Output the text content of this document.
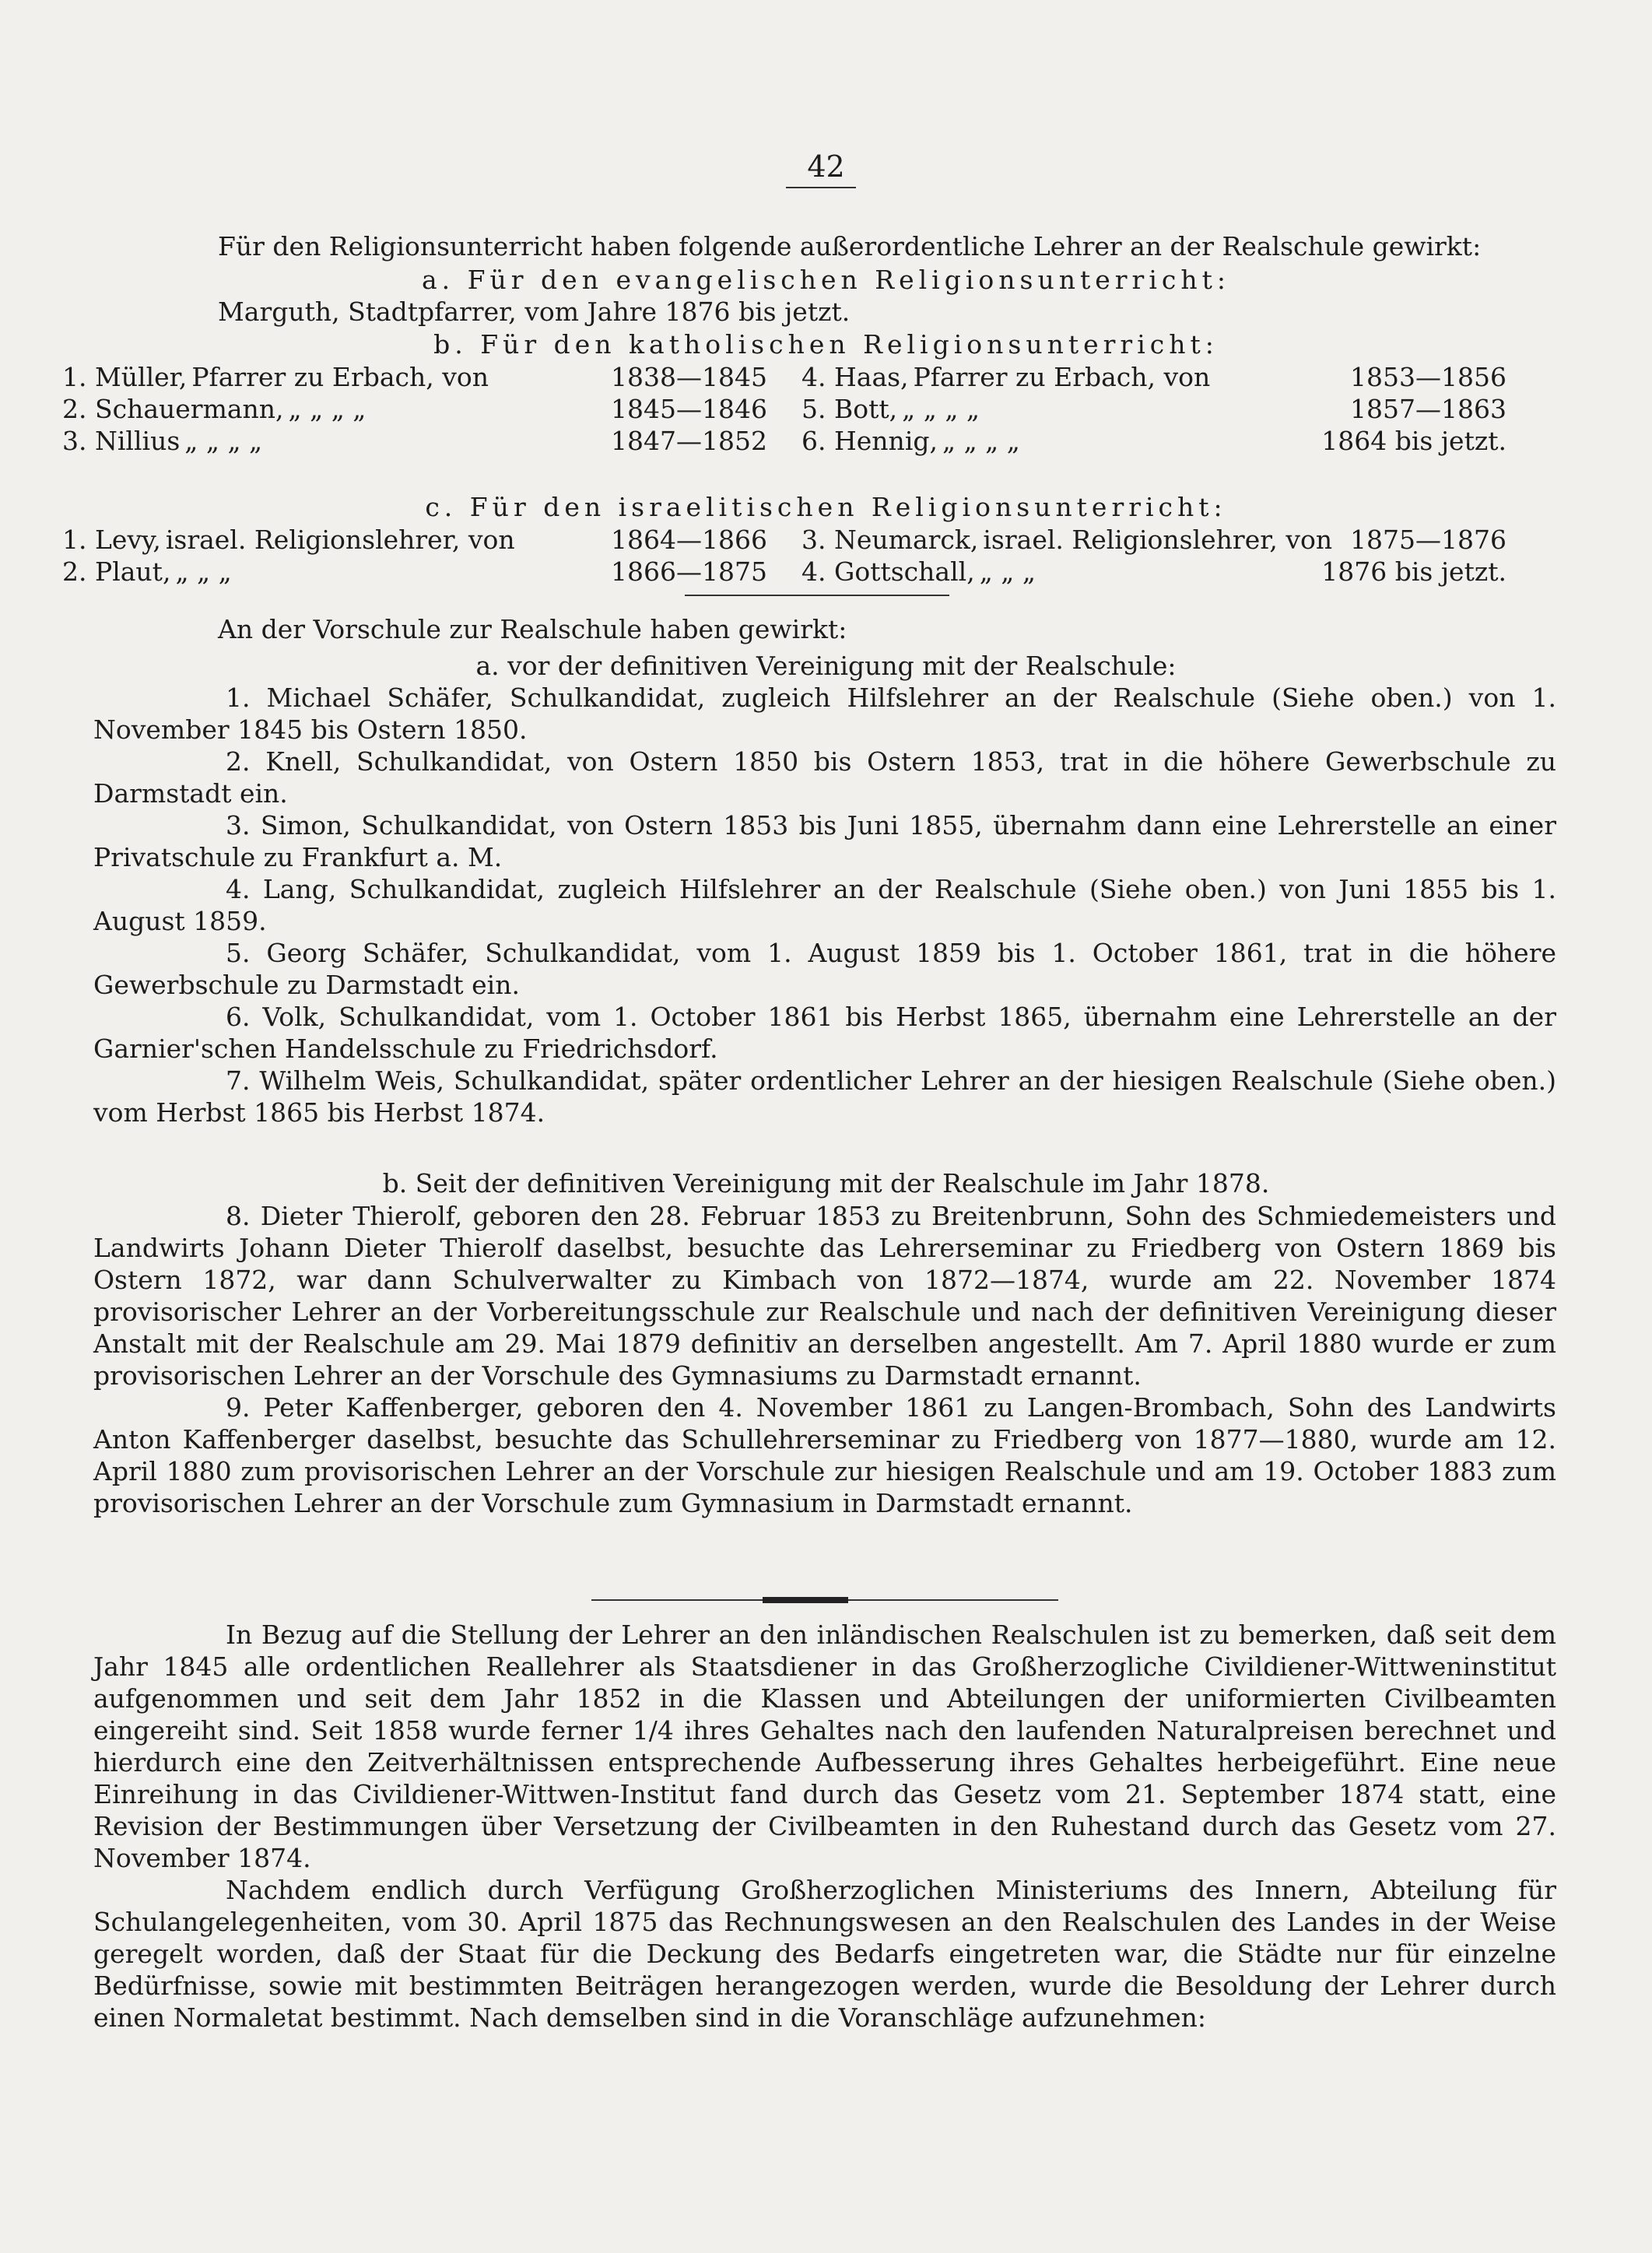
42
Für den Religionsunterricht haben folgende außerordentliche Lehrer an der Realschule gewirkt:
a. Für den evangelischen Religionsunterricht:
Marguth, Stadtpfarrer, vom Jahre 1876 bis jetzt.
b. Für den katholischen Religionsunterricht:
1. Müller, Pfarrer zu Erbach, von	1838—1845	4. Haas, Pfarrer zu Erbach, von	1853—1856
2. Schauermann, „ „ „ „	1845—1846	5. Bott, „ „ „ „	1857—1863
3. Nillius „ „ „ „	1847—1852	6. Hennig, „ „ „ „	1864 bis jetzt.
c. Für den israelitischen Religionsunterricht:
1. Levy, israel. Religionslehrer, von	1864—1866	3. Neumarck, israel. Religionslehrer, von 1875—1876
2. Plaut, „ „ „	1866—1875	4. Gottschall, „ „ „	1876 bis jetzt.
An der Vorschule zur Realschule haben gewirkt:
a. vor der definitiven Vereinigung mit der Realschule:

1. Michael Schäfer, Schulkandidat, zugleich Hilfslehrer an der Realschule (Siehe oben.) von 1. November 1845 bis Ostern 1850.

2. Knell, Schulkandidat, von Ostern 1850 bis Ostern 1853, trat in die höhere Gewerbschule zu Darmstadt ein.

3. Simon, Schulkandidat, von Ostern 1853 bis Juni 1855, übernahm dann eine Lehrerstelle an einer Privatschule zu Frankfurt a. M.

4. Lang, Schulkandidat, zugleich Hilfslehrer an der Realschule (Siehe oben.) von Juni 1855 bis 1. August 1859.

5. Georg Schäfer, Schulkandidat, vom 1. August 1859 bis 1. October 1861, trat in die höhere Gewerbschule zu Darmstadt ein.

6. Volk, Schulkandidat, vom 1. October 1861 bis Herbst 1865, übernahm eine Lehrerstelle an der Garnier'schen Handelsschule zu Friedrichsdorf.

7. Wilhelm Weis, Schulkandidat, später ordentlicher Lehrer an der hiesigen Realschule (Siehe oben.) vom Herbst 1865 bis Herbst 1874.

b. Seit der definitiven Vereinigung mit der Realschule im Jahr 1878.

8. Dieter Thierolf, geboren den 28. Februar 1853 zu Breitenbrunn, Sohn des Schmiedemeisters und Landwirts Johann Dieter Thierolf daselbst, besuchte das Lehrerseminar zu Friedberg von Ostern 1869 bis Ostern 1872, war dann Schulverwalter zu Kimbach von 1872—1874, wurde am 22. November 1874 provisorischer Lehrer an der Vorbereitungsschule zur Realschule und nach der definitiven Vereinigung dieser Anstalt mit der Realschule am 29. Mai 1879 definitiv an derselben angestellt. Am 7. April 1880 wurde er zum provisorischen Lehrer an der Vorschule des Gymnasiums zu Darmstadt ernannt.

9. Peter Kaffenberger, geboren den 4. November 1861 zu Langen-Brombach, Sohn des Landwirts Anton Kaffenberger daselbst, besuchte das Schullehrerseminar zu Friedberg von 1877—1880, wurde am 12. April 1880 zum provisorischen Lehrer an der Vorschule zur hiesigen Realschule und am 19. October 1883 zum provisorischen Lehrer an der Vorschule zum Gymnasium in Darmstadt ernannt.

In Bezug auf die Stellung der Lehrer an den inländischen Realschulen ist zu bemerken, daß seit dem Jahr 1845 alle ordentlichen Reallehrer als Staatsdiener in das Großherzogliche Civildiener-Wittweninstitut aufgenommen und seit dem Jahr 1852 in die Klassen und Abteilungen der uniformierten Civilbeamten eingereiht sind. Seit 1858 wurde ferner 1/4 ihres Gehaltes nach den laufenden Naturalpreisen berechnet und hierdurch eine den Zeitverhältnissen entsprechende Aufbesserung ihres Gehaltes herbeigeführt. Eine neue Einreihung in das Civildiener-Wittwen-Institut fand durch das Gesetz vom 21. September 1874 statt, eine Revision der Bestimmungen über Versetzung der Civilbeamten in den Ruhestand durch das Gesetz vom 27. November 1874.

Nachdem endlich durch Verfügung Großherzoglichen Ministeriums des Innern, Abteilung für Schulangelegenheiten, vom 30. April 1875 das Rechnungswesen an den Realschulen des Landes in der Weise geregelt worden, daß der Staat für die Deckung des Bedarfs eingetreten war, die Städte nur für einzelne Bedürfnisse, sowie mit bestimmten Beiträgen herangezogen werden, wurde die Besoldung der Lehrer durch einen Normaletat bestimmt. Nach demselben sind in die Voranschläge aufzunehmen:
